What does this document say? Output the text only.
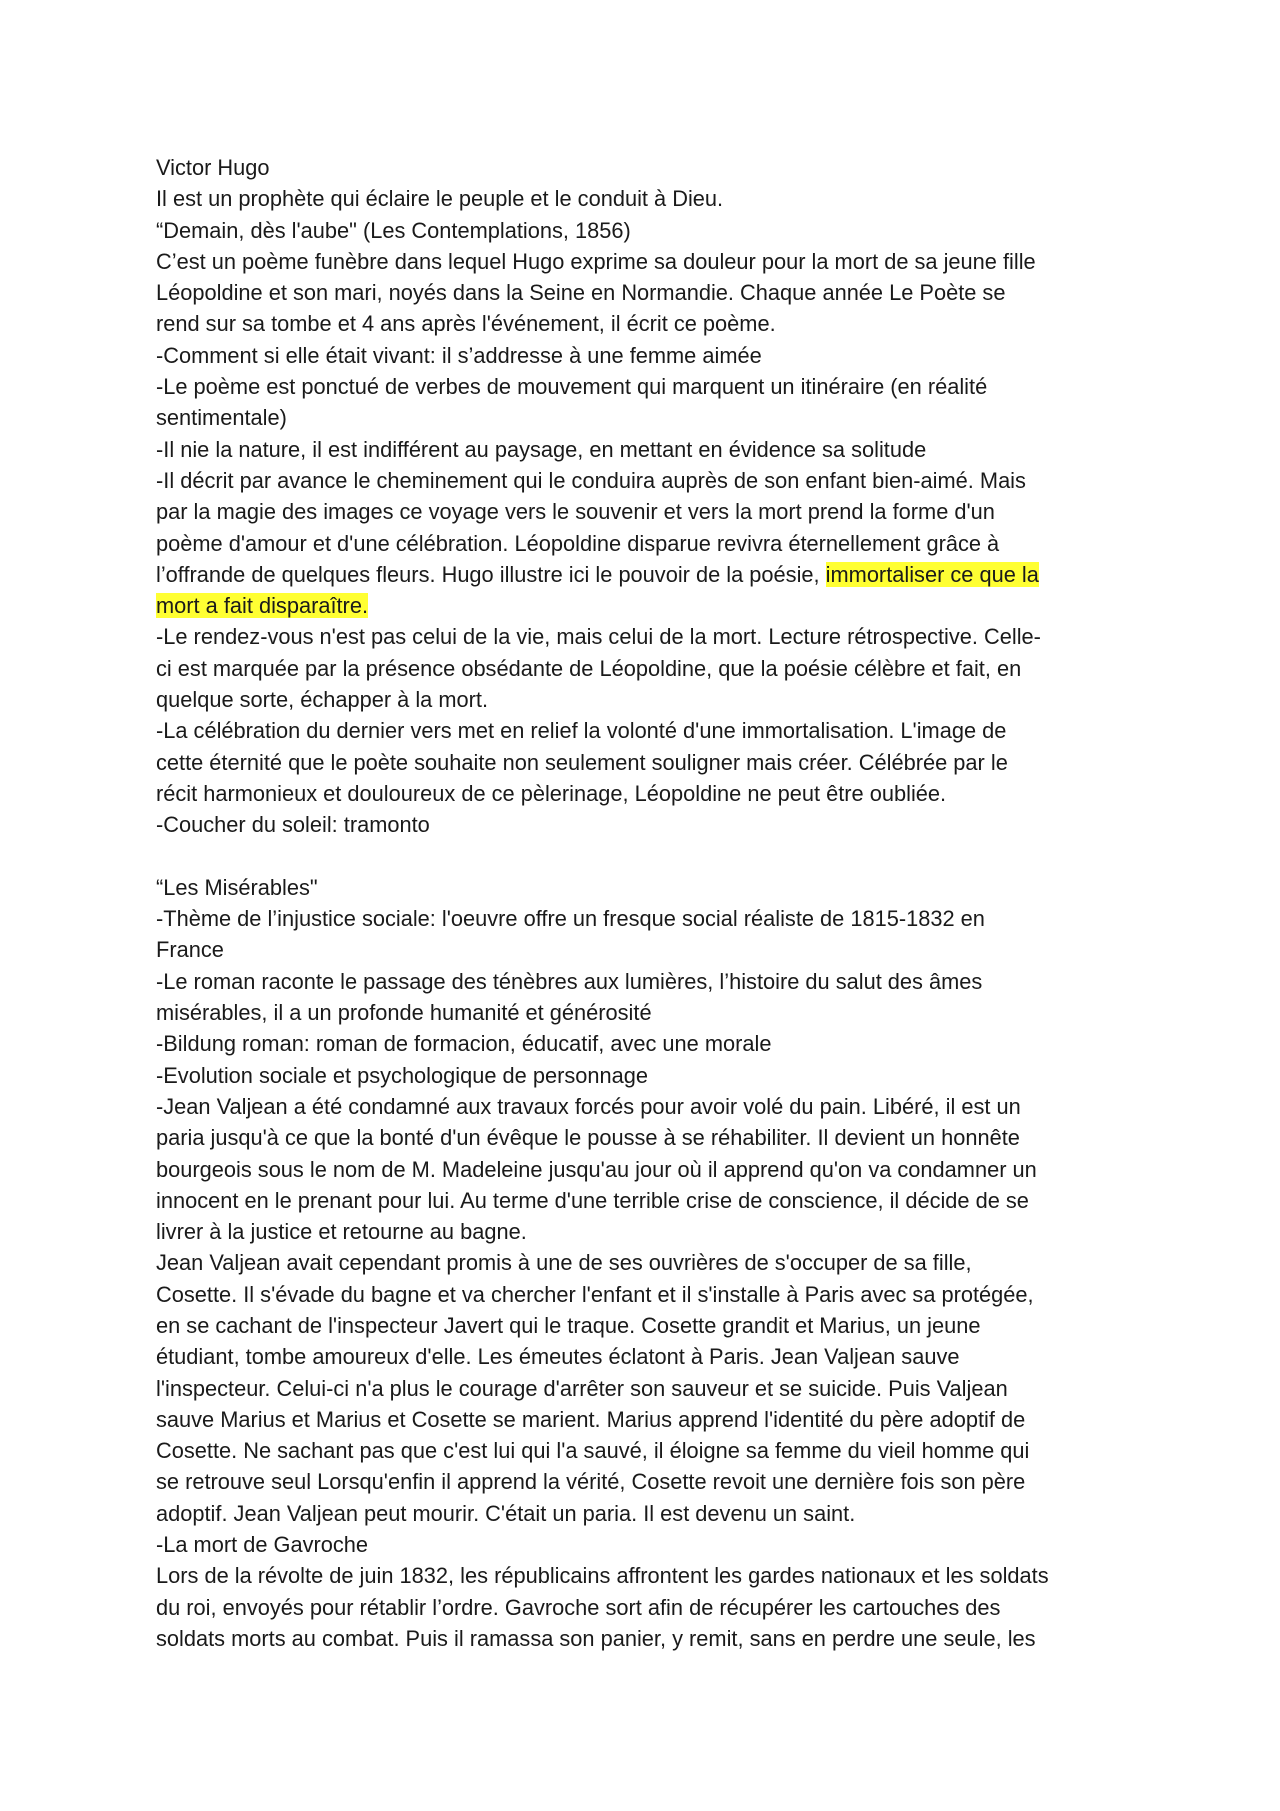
Victor Hugo
Il est un prophète qui éclaire le peuple et le conduit à Dieu.
“Demain, dès l'aube" (Les Contemplations, 1856)
C’est un poème funèbre dans lequel Hugo exprime sa douleur pour la mort de sa jeune fille
Léopoldine et son mari, noyés dans la Seine en Normandie. Chaque année Le Poète se
rend sur sa tombe et 4 ans après l'événement, il écrit ce poème.
-Comment si elle était vivant: il s’addresse à une femme aimée
-Le poème est ponctué de verbes de mouvement qui marquent un itinéraire (en réalité
sentimentale)
-Il nie la nature, il est indifférent au paysage, en mettant en évidence sa solitude
-Il décrit par avance le cheminement qui le conduira auprès de son enfant bien-aimé. Mais
par la magie des images ce voyage vers le souvenir et vers la mort prend la forme d'un
poème d'amour et d'une célébration. Léopoldine disparue revivra éternellement grâce à
l’offrande de quelques fleurs. Hugo illustre ici le pouvoir de la poésie, immortaliser ce que la
mort a fait disparaître.
-Le rendez-vous n'est pas celui de la vie, mais celui de la mort. Lecture rétrospective. Celle-
ci est marquée par la présence obsédante de Léopoldine, que la poésie célèbre et fait, en
quelque sorte, échapper à la mort.
-La célébration du dernier vers met en relief la volonté d'une immortalisation. L'image de
cette éternité que le poète souhaite non seulement souligner mais créer. Célébrée par le
récit harmonieux et douloureux de ce pèlerinage, Léopoldine ne peut être oubliée.
-Coucher du soleil: tramonto
“Les Misérables"
-Thème de l’injustice sociale: l'oeuvre offre un fresque social réaliste de 1815-1832 en
France
-Le roman raconte le passage des ténèbres aux lumières, l’histoire du salut des âmes
misérables, il a un profonde humanité et générosité
-Bildung roman: roman de formacion, éducatif, avec une morale
-Evolution sociale et psychologique de personnage
-Jean Valjean a été condamné aux travaux forcés pour avoir volé du pain. Libéré, il est un
paria jusqu'à ce que la bonté d'un évêque le pousse à se réhabiliter. Il devient un honnête
bourgeois sous le nom de M. Madeleine jusqu'au jour où il apprend qu'on va condamner un
innocent en le prenant pour lui. Au terme d'une terrible crise de conscience, il décide de se
livrer à la justice et retourne au bagne.
Jean Valjean avait cependant promis à une de ses ouvrières de s'occuper de sa fille,
Cosette. Il s'évade du bagne et va chercher l'enfant et il s'installe à Paris avec sa protégée,
en se cachant de l'inspecteur Javert qui le traque. Cosette grandit et Marius, un jeune
étudiant, tombe amoureux d'elle. Les émeutes éclatont à Paris. Jean Valjean sauve
l'inspecteur. Celui-ci n'a plus le courage d'arrêter son sauveur et se suicide. Puis Valjean
sauve Marius et Marius et Cosette se marient. Marius apprend l'identité du père adoptif de
Cosette. Ne sachant pas que c'est lui qui l'a sauvé, il éloigne sa femme du vieil homme qui
se retrouve seul Lorsqu'enfin il apprend la vérité, Cosette revoit une dernière fois son père
adoptif. Jean Valjean peut mourir. C'était un paria. Il est devenu un saint.
-La mort de Gavroche
Lors de la révolte de juin 1832, les républicains affrontent les gardes nationaux et les soldats
du roi, envoyés pour rétablir l’ordre. Gavroche sort afin de récupérer les cartouches des
soldats morts au combat. Puis il ramassa son panier, y remit, sans en perdre une seule, les
